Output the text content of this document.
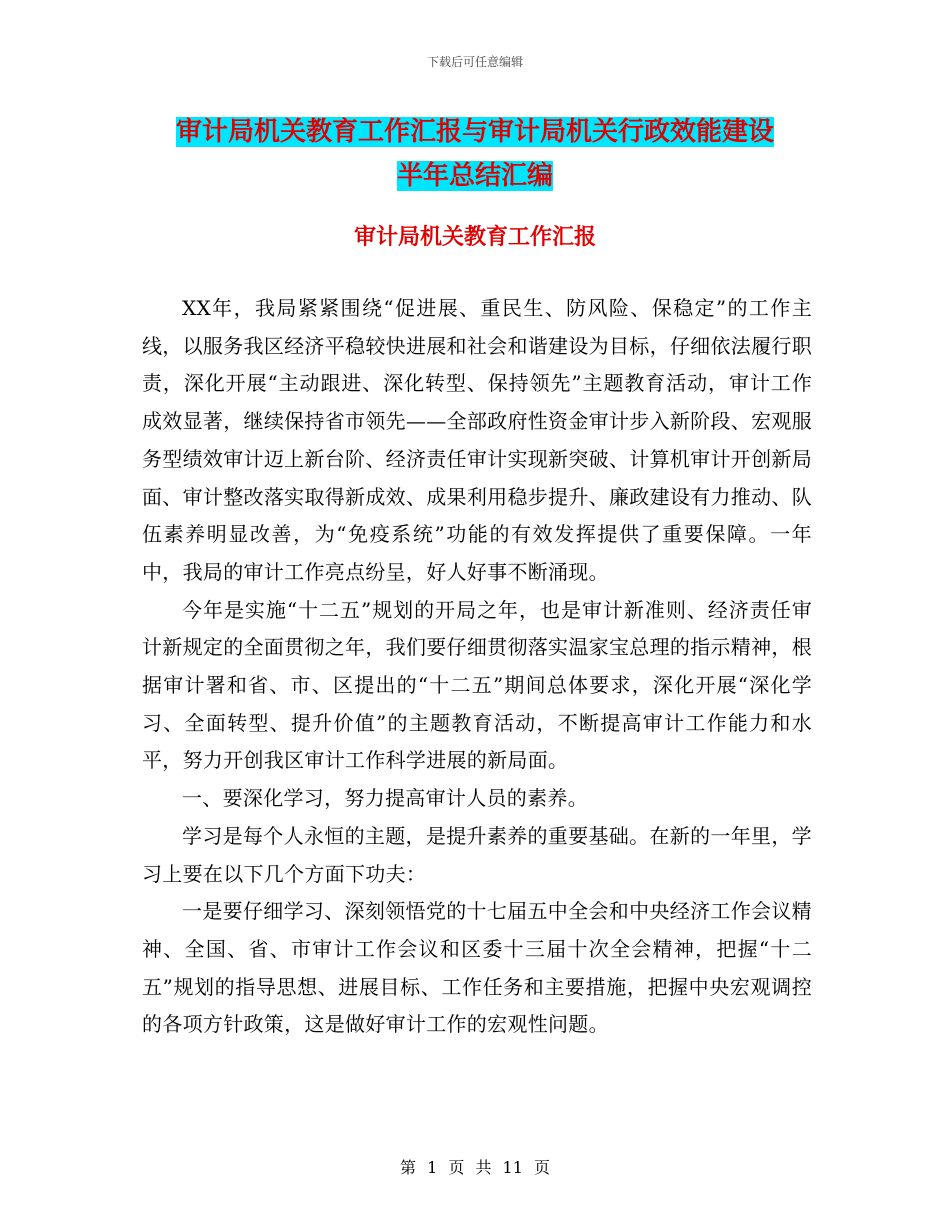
下载后可任意编辑
审计局机关教育工作汇报与审计局机关行政效能建设
半年总结汇编
审计局机关教育工作汇报

XX年，我局紧紧围绕“促进展、重民生、防风险、保稳定”的工作主线，以服务我区经济平稳较快进展和社会和谐建设为目标，仔细依法履行职责，深化开展“主动跟进、深化转型、保持领先”主题教育活动，审计工作成效显著，继续保持省市领先——全部政府性资金审计步入新阶段、宏观服务型绩效审计迈上新台阶、经济责任审计实现新突破、计算机审计开创新局面、审计整改落实取得新成效、成果利用稳步提升、廉政建设有力推动、队伍素养明显改善，为“免疫系统”功能的有效发挥提供了重要保障。一年中，我局的审计工作亮点纷呈，好人好事不断涌现。

今年是实施“十二五”规划的开局之年，也是审计新准则、经济责任审计新规定的全面贯彻之年，我们要仔细贯彻落实温家宝总理的指示精神，根据审计署和省、市、区提出的“十二五”期间总体要求，深化开展“深化学习、全面转型、提升价值”的主题教育活动，不断提高审计工作能力和水平，努力开创我区审计工作科学进展的新局面。

一、要深化学习，努力提高审计人员的素养。

学习是每个人永恒的主题，是提升素养的重要基础。在新的一年里，学习上要在以下几个方面下功夫：

一是要仔细学习、深刻领悟党的十七届五中全会和中央经济工作会议精神、全国、省、市审计工作会议和区委十三届十次全会精神，把握“十二五”规划的指导思想、进展目标、工作任务和主要措施，把握中央宏观调控的各项方针政策，这是做好审计工作的宏观性问题。

第 1 页 共 11 页
